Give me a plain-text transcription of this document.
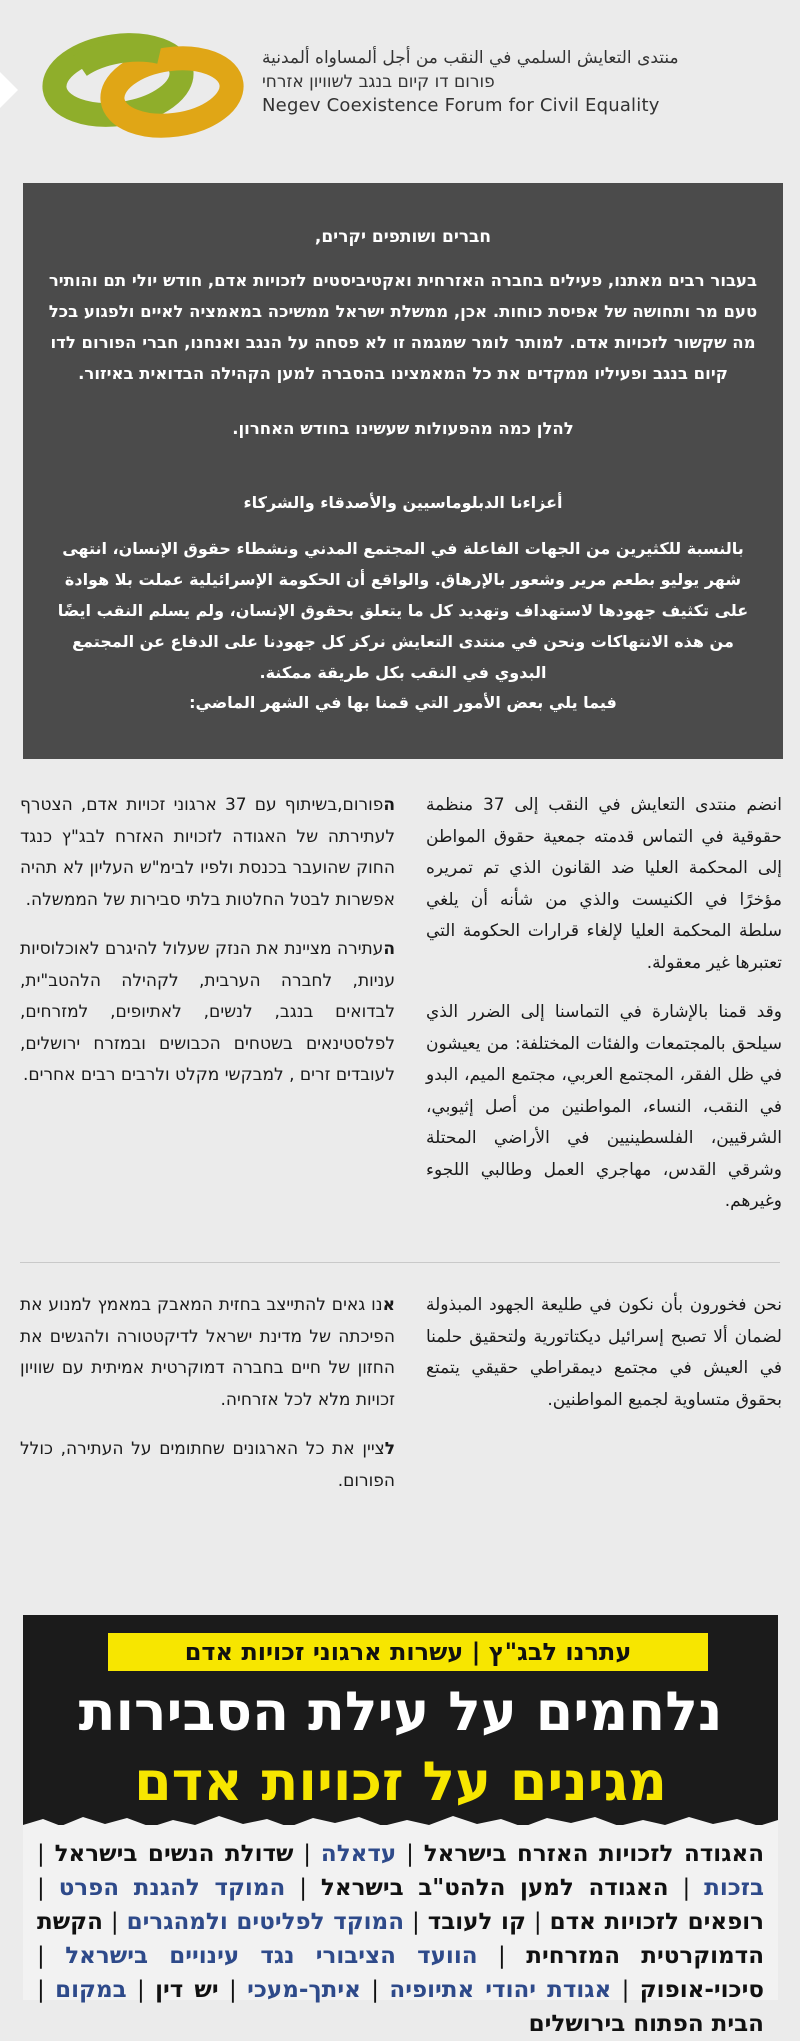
منتدى التعايش السلمي في النقب من أجل ألمساواه ألمدنية
פורום דו קיום בנגב לשוויון אזרחי
Negev Coexistence Forum for Civil Equality

חברים ושותפים יקרים,

בעבור רבים מאתנו, פעילים בחברה האזרחית ואקטיביסטים לזכויות אדם, חודש יולי תם והותיר טעם מר ותחושה של אפיסת כוחות. אכן, ממשלת ישראל ממשיכה במאמציה לאיים ולפגוע בכל מה שקשור לזכויות אדם. למותר לומר שמגמה זו לא פסחה על הנגב ואנחנו, חברי הפורום לדו קיום בנגב ופעיליו ממקדים את כל המאמצינו בהסברה למען הקהילה הבדואית באיזור.

להלן כמה מהפעולות שעשינו בחודש האחרון.

أعزاءنا الدبلوماسيين والأصدقاء والشركاء

بالنسبة للكثيرين من الجهات الفاعلة في المجتمع المدني ونشطاء حقوق الإنسان، انتهى شهر يوليو بطعم مرير وشعور بالإرهاق. والواقع أن الحكومة الإسرائيلية عملت بلا هوادة على تكثيف جهودها لاستهداف وتهديد كل ما يتعلق بحقوق الإنسان، ولم يسلم النقب ايضًا من هذه الانتهاكات ونحن في منتدى التعايش نركز كل جهودنا على الدفاع عن المجتمع البدوي في النقب بكل طريقة ممكنة.

فيما يلي بعض الأمور التي قمنا بها في الشهر الماضي:

انضم منتدى التعايش في النقب إلى 37 منظمة حقوقية في التماس قدمته جمعية حقوق المواطن إلى المحكمة العليا ضد القانون الذي تم تمريره مؤخرًا في الكنيست والذي من شأنه أن يلغي سلطة المحكمة العليا لإلغاء قرارات الحكومة التي تعتبرها غير معقولة.

وقد قمنا بالإشارة في التماسنا إلى الضرر الذي سيلحق بالمجتمعات والفئات المختلفة: من يعيشون في ظل الفقر، المجتمع العربي، مجتمع الميم، البدو في النقب، النساء، المواطنين من أصل إثيوبي، الشرقيين، الفلسطينيين في الأراضي المحتلة وشرقي القدس، مهاجري العمل وطالبي اللجوء وغيرهم.

הפורום,בשיתוף עם 37 ארגוני זכויות אדם, הצטרף לעתירתה של האגודה לזכויות האזרח לבג"ץ כנגד החוק שהועבר בכנסת ולפיו לבימ"ש העליון לא תהיה אפשרות לבטל החלטות בלתי סבירות של הממשלה.

העתירה מציינת את הנזק שעלול להיגרם לאוכלוסיות עניות, לחברה הערבית, לקהילה הלהטב"ית, לבדואים בנגב, לנשים, לאתיופים, למזרחים, לפלסטינאים בשטחים הכבושים ובמזרח ירושלים, לעובדים זרים , למבקשי מקלט ולרבים רבים אחרים.

نحن فخورون بأن نكون في طليعة الجهود المبذولة لضمان ألا تصبح إسرائيل ديكتاتورية ولتحقيق حلمنا في العيش في مجتمع ديمقراطي حقيقي يتمتع بحقوق متساوية لجميع المواطنين.

אנו גאים להתייצב בחזית המאבק במאמץ למנוע את הפיכתה של מדינת ישראל לדיקטטורה ולהגשים את החזון של חיים בחברה דמוקרטית אמיתית עם שוויון זכויות מלא לכל אזרחיה.

לציין את כל הארגונים שחתומים על העתירה, כולל הפורום.

עתרנו לבג"ץ | עשרות ארגוני זכויות אדם
נלחמים על עילת הסבירות
מגינים על זכויות אדם
האגודה לזכויות האזרח בישראל | עדאלה | שדולת הנשים בישראל | בזכות | האגודה למען הלהט"ב בישראל | המוקד להגנת הפרט | רופאים לזכויות אדם | קו לעובד | המוקד לפליטים ולמהגרים | הקשת הדמוקרטית המזרחית | הוועד הציבורי נגד עינויים בישראל | סיכוי-אופוק | אגודת יהודי אתיופיה | איתך-מעכי | יש דין | במקום | הבית הפתוח בירושלים
